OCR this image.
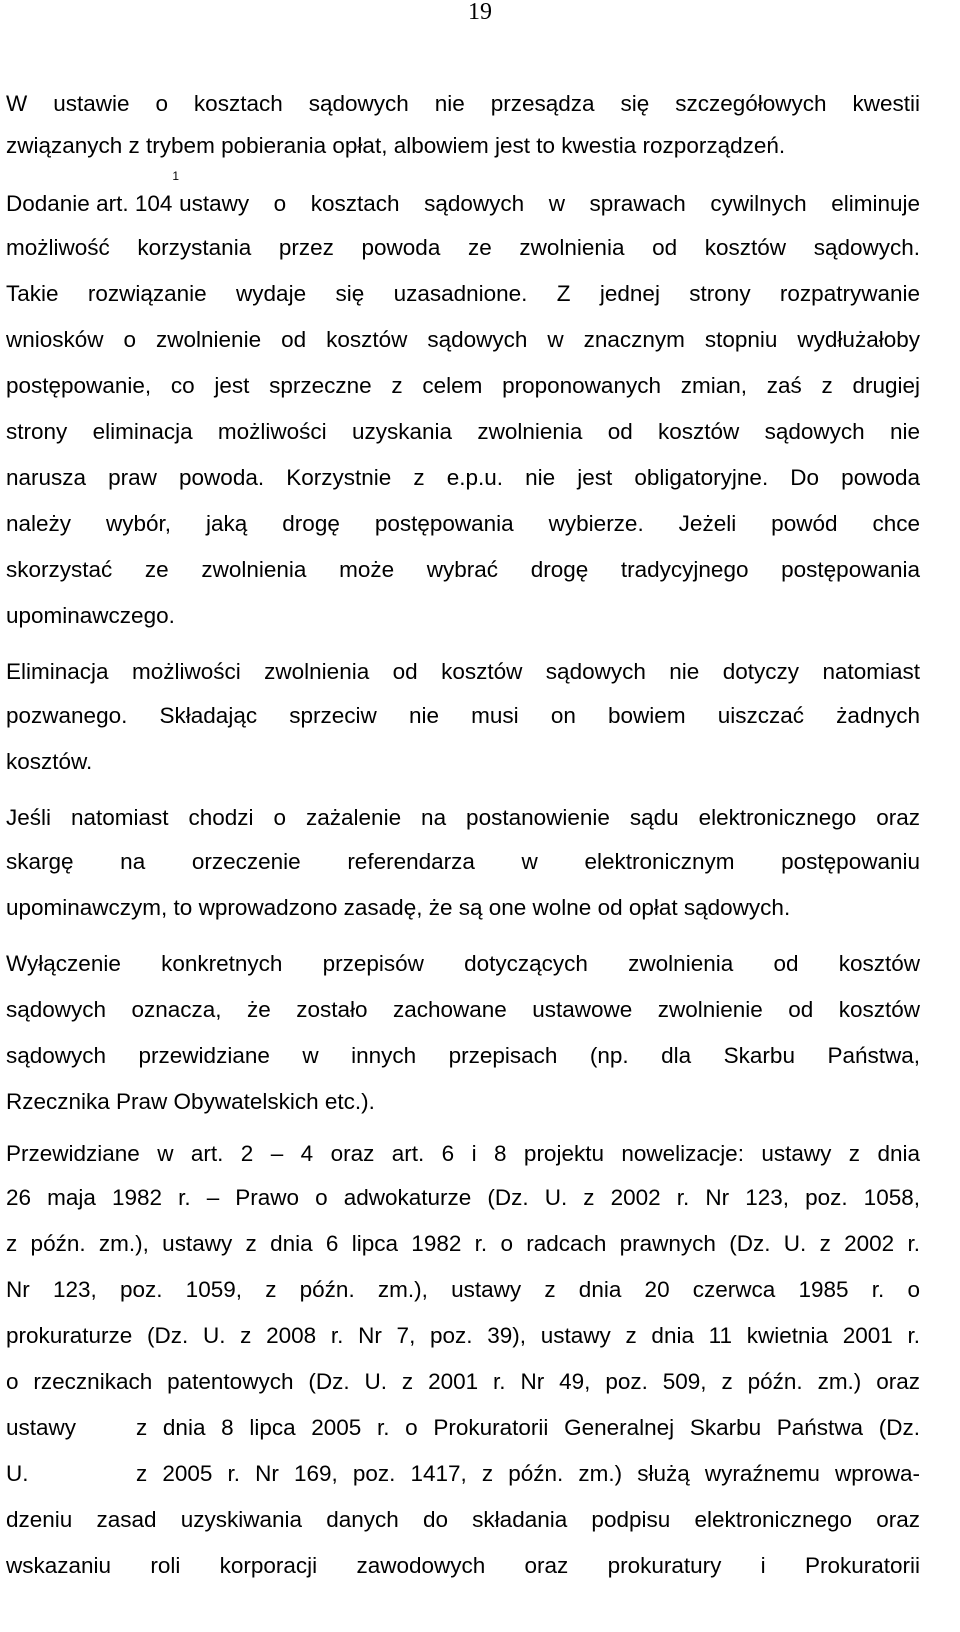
19
W ustawie o kosztach sądowych nie przesądza się szczegółowych kwestii
związanych z trybem pobierania opłat, albowiem jest to kwestia rozporządzeń.
Dodanie art. 104
$^1$
ustawy o kosztach sądowych w sprawach cywilnych eliminuje
możliwość korzystania przez powoda ze zwolnienia od kosztów sądowych.
Takie rozwiązanie wydaje się uzasadnione. Z jednej strony rozpatrywanie
wniosków o zwolnienie od kosztów sądowych w znacznym stopniu wydłużałoby
postępowanie, co jest sprzeczne z celem proponowanych zmian, zaś z drugiej
strony eliminacja możliwości uzyskania zwolnienia od kosztów sądowych nie
narusza praw powoda. Korzystnie z e.p.u. nie jest obligatoryjne. Do powoda
należy wybór, jaką drogę postępowania wybierze. Jeżeli powód chce
skorzystać ze zwolnienia może wybrać drogę tradycyjnego postępowania
upominawczego.
Eliminacja możliwości zwolnienia od kosztów sądowych nie dotyczy natomiast
pozwanego. Składając sprzeciw nie musi on bowiem uiszczać żadnych
kosztów.
Jeśli natomiast chodzi o zażalenie na postanowienie sądu elektronicznego oraz
skargę na orzeczenie referendarza w elektronicznym postępowaniu
upominawczym, to wprowadzono zasadę, że są one wolne od opłat sądowych.
Wyłączenie konkretnych przepisów dotyczących zwolnienia od kosztów
sądowych oznacza, że zostało zachowane ustawowe zwolnienie od kosztów
sądowych przewidziane w innych przepisach (np. dla Skarbu Państwa,
Rzecznika Praw Obywatelskich etc.).
Przewidziane w art. 2 – 4 oraz art. 6 i 8 projektu nowelizacje: ustawy z dnia
26 maja 1982 r. – Prawo o adwokaturze (Dz. U. z 2002 r. Nr 123, poz. 1058,
z późn. zm.), ustawy z dnia 6 lipca 1982 r. o radcach prawnych (Dz. U. z 2002 r.
Nr 123, poz. 1059, z późn. zm.), ustawy z dnia 20 czerwca 1985 r. o
prokuraturze (Dz. U. z 2008 r. Nr 7, poz. 39), ustawy z dnia 11 kwietnia 2001 r.
o rzecznikach patentowych (Dz. U. z 2001 r. Nr 49, poz. 509, z późn. zm.) oraz
ustawy	z dnia 8 lipca 2005 r. o Prokuratorii Generalnej Skarbu Państwa (Dz.
U.	z 2005 r. Nr 169, poz. 1417, z późn. zm.) służą wyraźnemu wprowa-
dzeniu zasad uzyskiwania danych do składania podpisu elektronicznego oraz
wskazaniu roli korporacji zawodowych oraz prokuratury i Prokuratorii
